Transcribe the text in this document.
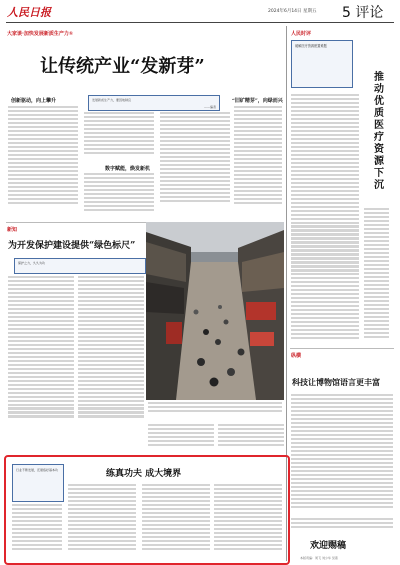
人民日报	2024年6月14日 星期五 5 评论
大家谈·加快发展新质生产力①
让传统产业“发新芽”
发展新质生产力，要因地制宜
——编者
创新驱动，向上攀升
数字赋能，焕发新机
“旧矿精芽”，向绿而兴
人民时评
破解医疗资源配置难题
推动优质医疗资源下沉
新知
为开发保护建设提供“绿色标尺”
保护之力，久久为功
纵横
科技让博物馆语言更丰富
练真功夫 成大境界
行业不断发展，还须练好基本功
欢迎赐稿
本版责编：周飞 刘少华 吴燕
